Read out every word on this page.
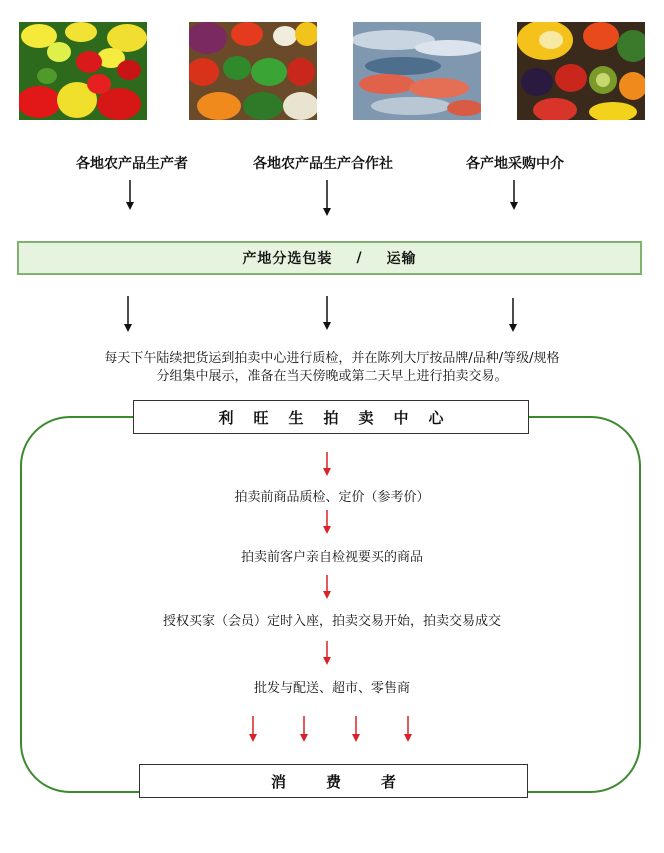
各地农产品生产者	各地农产品生产合作社	各产地采购中介
产地分选包装 / 运输
每天下午陆续把货运到拍卖中心进行质检，并在陈列大厅按品牌/品种/等级/规格
分组集中展示，准备在当天傍晚或第二天早上进行拍卖交易。
利旺生拍卖中心
拍卖前商品质检、定价（参考价）
拍卖前客户亲自检视要买的商品
授权买家（会员）定时入座，拍卖交易开始，拍卖交易成交
批发与配送、超市、零售商
消费者
